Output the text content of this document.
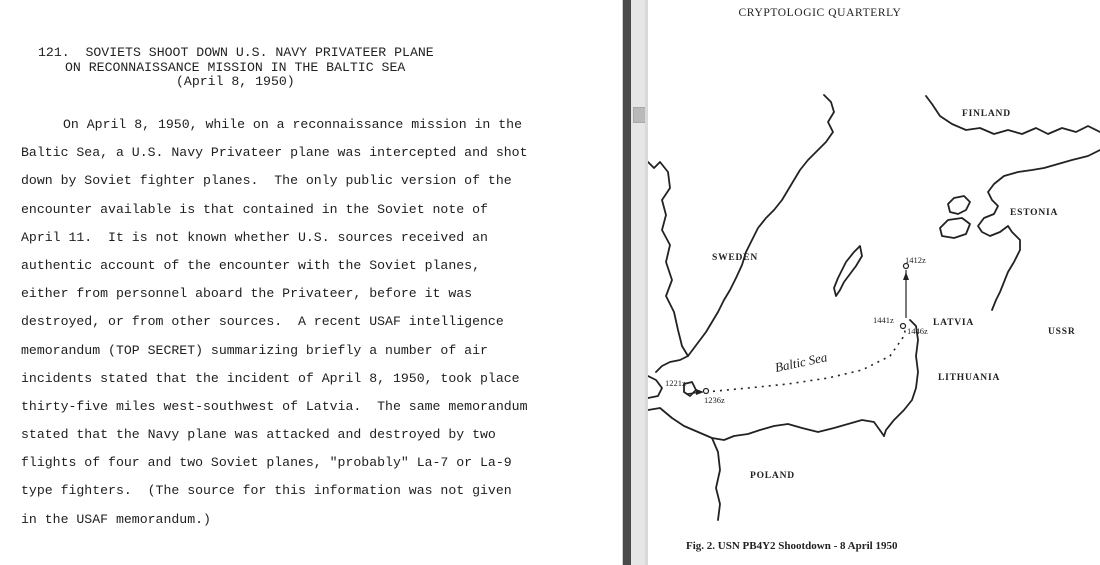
121.  SOVIETS SHOOT DOWN U.S. NAVY PRIVATEER PLANE
ON RECONNAISSANCE MISSION IN THE BALTIC SEA
(April 8, 1950)
On April 8, 1950, while on a reconnaissance mission in the
Baltic Sea, a U.S. Navy Privateer plane was intercepted and shot
down by Soviet fighter planes.  The only public version of the
encounter available is that contained in the Soviet note of
April 11.  It is not known whether U.S. sources received an
authentic account of the encounter with the Soviet planes,
either from personnel aboard the Privateer, before it was
destroyed, or from other sources.  A recent USAF intelligence
memorandum (TOP SECRET) summarizing briefly a number of air
incidents stated that the incident of April 8, 1950, took place
thirty-five miles west-southwest of Latvia.  The same memorandum
stated that the Navy plane was attacked and destroyed by two
flights of four and two Soviet planes, "probably" La-7 or La-9
type fighters.  (The source for this information was not given
in the USAF memorandum.)
CRYPTOLOGIC QUARTERLY
FINLAND
ESTONIA
SWEDEN
LATVIA
USSR
LITHUANIA
POLAND
Baltic Sea
1412z
1441z
1446z
1221z
1236z
Fig. 2. USN PB4Y2 Shootdown - 8 April 1950
